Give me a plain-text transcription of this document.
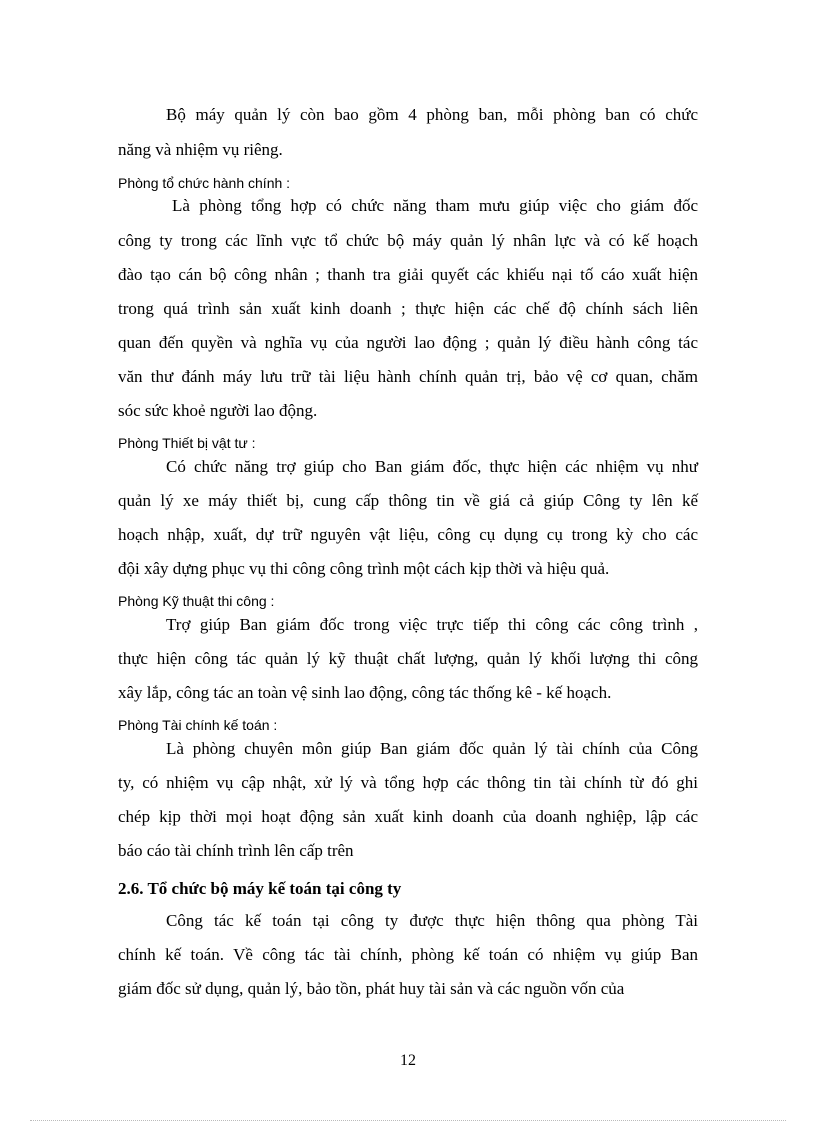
Bộ máy quản lý còn bao gồm 4 phòng ban, mỗi phòng ban có chức
năng và nhiệm vụ riêng.
Phòng tổ chức hành chính :
Là phòng tổng hợp có chức năng tham mưu giúp việc cho giám đốc
công ty trong các lĩnh vực tổ chức bộ máy quản lý nhân lực và có kế hoạch
đào tạo cán bộ công nhân ; thanh tra giải quyết các khiếu nại tố cáo xuất hiện
trong quá trình sản xuất kinh doanh ; thực hiện các chế độ chính sách liên
quan đến quyền và nghĩa vụ của người lao động ; quản lý điều hành công tác
văn thư đánh máy lưu trữ tài liệu hành chính quản trị, bảo vệ cơ quan, chăm
sóc sức khoẻ người lao động.
Phòng Thiết bị vật tư :
Có chức năng trợ giúp cho Ban giám đốc, thực hiện các nhiệm vụ như
quản lý xe máy thiết bị, cung cấp thông tin về giá cả giúp Công ty lên kế
hoạch nhập, xuất, dự trữ nguyên vật liệu, công cụ dụng cụ trong kỳ cho các
đội xây dựng phục vụ thi công công trình một cách kịp thời và hiệu quả.
Phòng Kỹ thuật thi công :
Trợ giúp Ban giám đốc trong việc trực tiếp thi công các công trình ,
thực hiện công tác quản lý kỹ thuật chất lượng, quản lý khối lượng thi công
xây lắp, công tác an toàn vệ sinh lao động, công tác thống kê - kế hoạch.
Phòng Tài chính kế toán :
Là phòng chuyên môn giúp Ban giám đốc quản lý tài chính của Công
ty, có nhiệm vụ cập nhật, xử lý và tổng hợp các thông tin tài chính từ đó ghi
chép kịp thời mọi hoạt động sản xuất kinh doanh của doanh nghiệp, lập các
báo cáo tài chính trình lên cấp trên
2.6. Tổ chức bộ máy kế toán tại công ty
Công tác kế toán tại công ty được thực hiện thông qua phòng Tài
chính kế toán. Về công tác tài chính, phòng kế toán có nhiệm vụ giúp Ban
giám đốc sử dụng, quản lý, bảo tồn, phát huy tài sản và các nguồn vốn của
12
